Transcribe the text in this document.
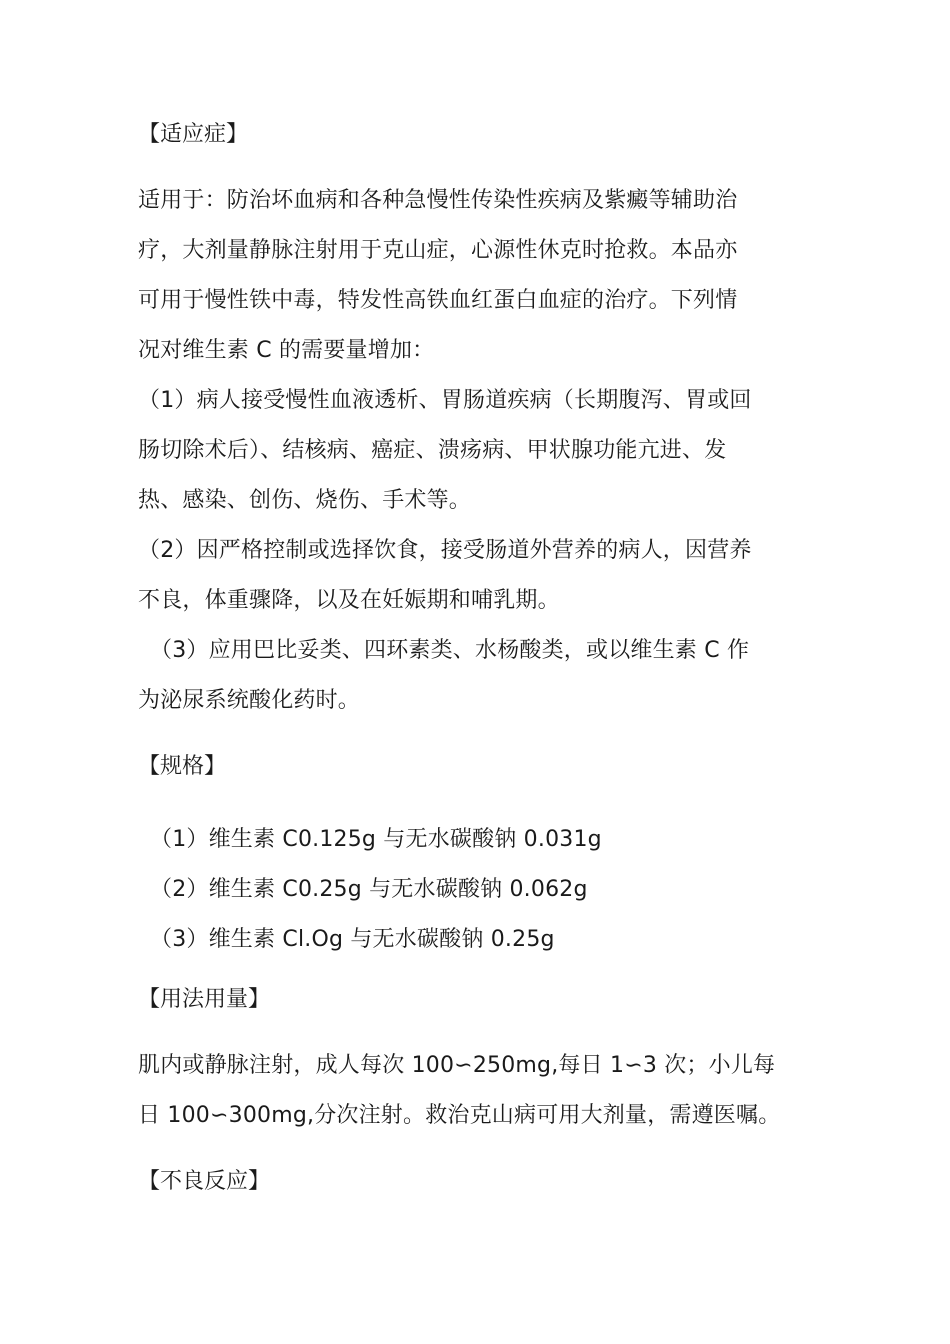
【适应症】
适用于：防治坏血病和各种急慢性传染性疾病及紫癜等辅助治
疗，大剂量静脉注射用于克山症，心源性休克时抢救。本品亦
可用于慢性铁中毒，特发性高铁血红蛋白血症的治疗。下列情
况对维生素 C 的需要量增加：
（1）病人接受慢性血液透析、胃肠道疾病（长期腹泻、胃或回
肠切除术后）、结核病、癌症、溃疡病、甲状腺功能亢进、发
热、感染、创伤、烧伤、手术等。
（2）因严格控制或选择饮食，接受肠道外营养的病人，因营养
不良，体重骤降，以及在妊娠期和哺乳期。
（3）应用巴比妥类、四环素类、水杨酸类，或以维生素 C 作
为泌尿系统酸化药时。
【规格】
（1）维生素 C0.125g 与无水碳酸钠 0.031g
（2）维生素 C0.25g 与无水碳酸钠 0.062g
（3）维生素 Cl.Og 与无水碳酸钠 0.25g
【用法用量】
肌内或静脉注射，成人每次 100∽250mg,每日 1∽3 次；小儿每
日 100∽300mg,分次注射。救治克山病可用大剂量，需遵医嘱。
【不良反应】
